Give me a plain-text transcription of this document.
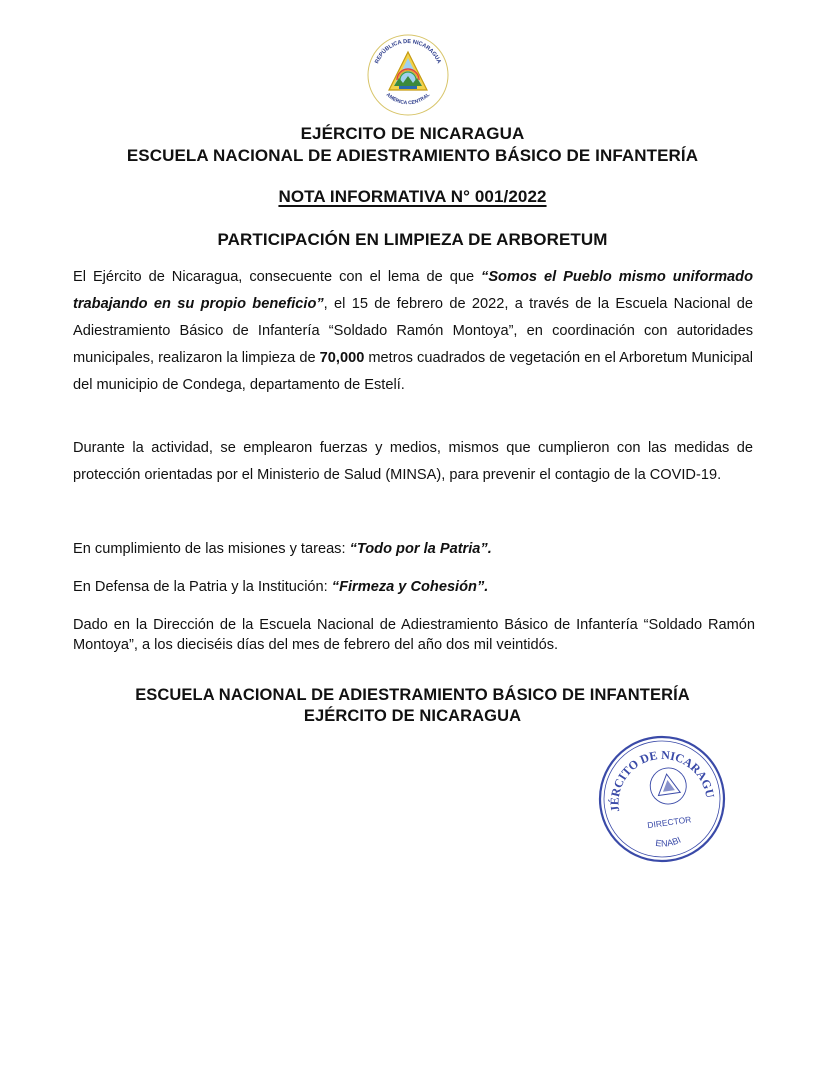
REPÚBLICA DE NICARAGUA
AMÉRICA CENTRAL
EJÉRCITO DE NICARAGUA
ESCUELA NACIONAL DE ADIESTRAMIENTO BÁSICO DE INFANTERÍA
NOTA INFORMATIVA N° 001/2022
PARTICIPACIÓN EN LIMPIEZA DE ARBORETUM
El Ejército de Nicaragua, consecuente con el lema de que “Somos el Pueblo mismo uniformado trabajando en su propio beneficio”, el 15 de febrero de 2022, a través de la Escuela Nacional de Adiestramiento Básico de Infantería “Soldado Ramón Montoya”, en coordinación con autoridades municipales, realizaron la limpieza de 70,000 metros cuadrados de vegetación en el Arboretum Municipal del municipio de Condega, departamento de Estelí.
Durante la actividad, se emplearon fuerzas y medios, mismos que cumplieron con las medidas de protección orientadas por el Ministerio de Salud (MINSA), para prevenir el contagio de la COVID-19.
En cumplimiento de las misiones y tareas: “Todo por la Patria”.
En Defensa de la Patria y la Institución: “Firmeza y Cohesión”.
Dado en la Dirección de la Escuela Nacional de Adiestramiento Básico de Infantería “Soldado Ramón Montoya”, a los dieciséis días del mes de febrero del año dos mil veintidós.
ESCUELA NACIONAL DE ADIESTRAMIENTO BÁSICO DE INFANTERÍA
EJÉRCITO DE NICARAGUA
EJÉRCITO DE NICARAGUA
DIRECTOR
ENABI
